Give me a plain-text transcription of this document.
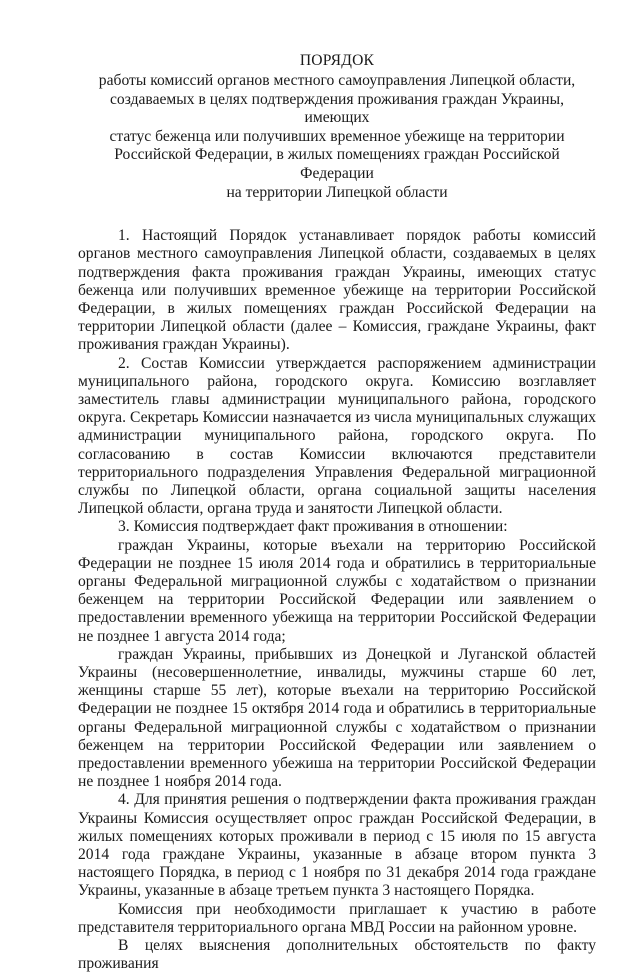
ПОРЯДОК
работы комиссий органов местного самоуправления Липецкой области,
создаваемых в целях подтверждения проживания граждан Украины, имеющих
статус беженца или получивших временное убежище на территории
Российской Федерации, в жилых помещениях граждан Российской Федерации
на территории Липецкой области

1. Настоящий Порядок устанавливает порядок работы комиссий органов местного самоуправления Липецкой области, создаваемых в целях подтверждения факта проживания граждан Украины, имеющих статус беженца или получивших временное убежище на территории Российской Федерации, в жилых помещениях граждан Российской Федерации на территории Липецкой области (далее – Комиссия, граждане Украины, факт проживания граждан Украины).

2. Состав Комиссии утверждается распоряжением администрации муниципального района, городского округа. Комиссию возглавляет заместитель главы администрации муниципального района, городского округа. Секретарь Комиссии назначается из числа муниципальных служащих администрации муниципального района, городского округа. По согласованию в состав Комиссии включаются представители территориального подразделения Управления Федеральной миграционной службы по Липецкой области, органа социальной защиты населения Липецкой области, органа труда и занятости Липецкой области.

3. Комиссия подтверждает факт проживания в отношении:

граждан Украины, которые въехали на территорию Российской Федерации не позднее 15 июля 2014 года и обратились в территориальные органы Федеральной миграционной службы с ходатайством о признании беженцем на территории Российской Федерации или заявлением о предоставлении временного убежища на территории Российской Федерации не позднее 1 августа 2014 года;

граждан Украины, прибывших из Донецкой и Луганской областей Украины (несовершеннолетние, инвалиды, мужчины старше 60 лет, женщины старше 55 лет), которые въехали на территорию Российской Федерации не позднее 15 октября 2014 года и обратились в территориальные органы Федеральной миграционной службы с ходатайством о признании беженцем на территории Российской Федерации или заявлением о предоставлении временного убежиша на территории Российской Федерации не позднее 1 ноября 2014 года.

4. Для принятия решения о подтверждении факта проживания граждан Украины Комиссия осуществляет опрос граждан Российской Федерации, в жилых помещениях которых проживали в период с 15 июля по 15 августа 2014 года граждане Украины, указанные в абзаце втором пункта 3 настоящего Порядка, в период с 1 ноября по 31 декабря 2014 года граждане Украины, указанные в абзаце третьем пункта 3 настоящего Порядка.

Комиссия при необходимости приглашает к участию в работе представителя территориального органа МВД России на районном уровне.

В целях выяснения дополнительных обстоятельств по факту проживания
